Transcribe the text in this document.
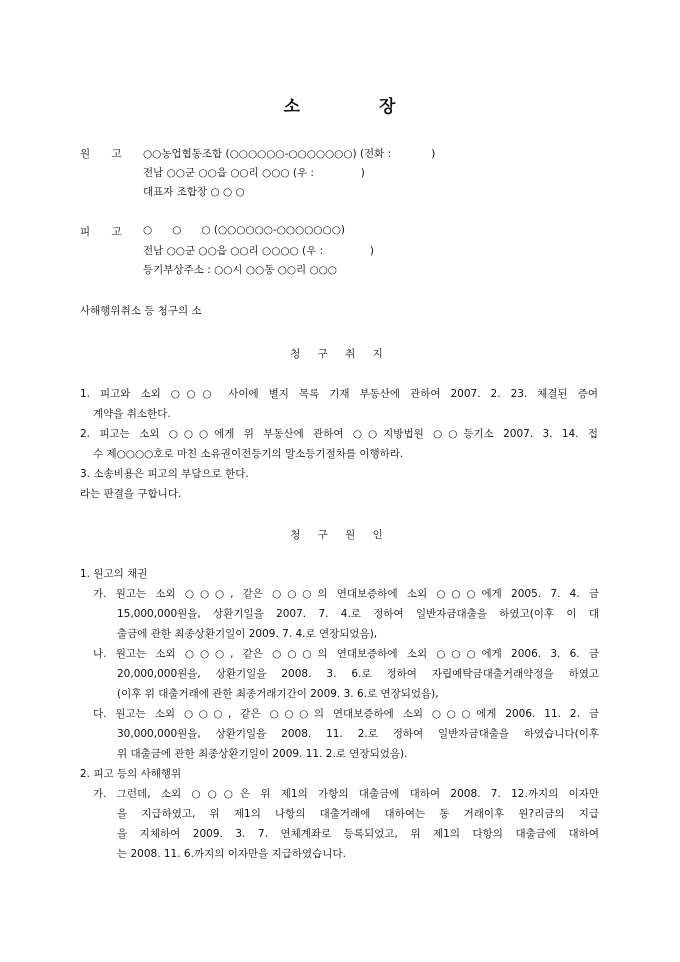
소	장
원 고	○○농업협동조합 (○○○○○○-○○○○○○○) (전화 :            )
전남 ○○군 ○○읍 ○○리 ○○○ (우 :              )
대표자 조합장 ○ ○ ○
피 고	○      ○      ○ (○○○○○○-○○○○○○○)
전남 ○○군 ○○읍 ○○리 ○○○○ (우 :              )
등기부상주소 : ○○시 ○○동 ○○리 ○○○
사해행위취소 등 청구의 소
청 구 취 지
1. 피고와 소외 ○○○ 사이에 별지 목록 기재 부동산에 관하여 2007. 2. 23. 체결된 증여
계약을 취소한다.
2. 피고는 소외 ○○○에게 위 부동산에 관하여 ○○지방법원 ○○등기소 2007. 3. 14. 접
수 제○○○○호로 마친 소유권이전등기의 말소등기절차를 이행하라.
3. 소송비용은 피고의 부담으로 한다.
라는 판결을 구합니다.
청 구 원 인
1. 원고의 채권
가. 원고는 소외 ○○○, 같은 ○○○의 연대보증하에 소외 ○○○에게 2005. 7. 4. 금
15,000,000원을, 상환기일을 2007. 7. 4.로 정하여 일반자금대출을 하였고(이후 이 대
출금에 관한 최종상환기일이 2009. 7. 4.로 연장되었음),
나. 원고는 소외 ○○○, 같은 ○○○의 연대보증하에 소외 ○○○에게 2006. 3. 6. 금
20,000,000원을, 상환기일을 2008. 3. 6.로 정하여 자립예탁금대출거래약정을 하였고
(이후 위 대출거래에 관한 최종거래기간이 2009. 3. 6.로 연장되었음),
다. 원고는 소외 ○○○, 같은 ○○○의 연대보증하에 소외 ○○○에게 2006. 11. 2. 금
30,000,000원을, 상환기일을 2008. 11. 2.로 정하여 일반자금대출을 하였습니다(이후
위 대출금에 관한 최종상환기일이 2009. 11. 2.로 연장되었음).
2. 피고 등의 사해행위
가. 그런데, 소외 ○○○은 위 제1의 가항의 대출금에 대하여 2008. 7. 12.까지의 이자만
을 지급하였고, 위 제1의 나항의 대출거래에 대하여는 동 거래이후 원?리금의 지급
을 지체하여 2009. 3. 7. 연체계좌로 등록되었고, 위 제1의 다항의 대출금에 대하여
는 2008. 11. 6.까지의 이자만을 지급하였습니다.
